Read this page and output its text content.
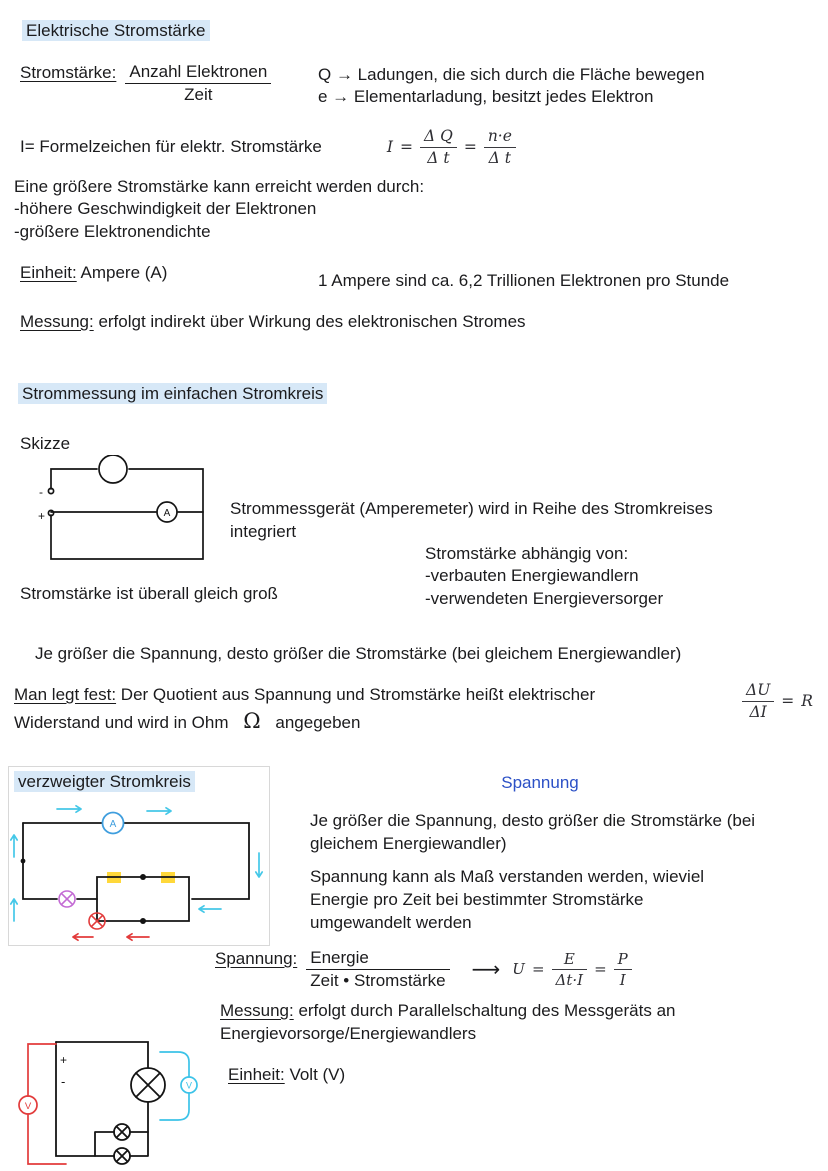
Elektrische Stromstärke
Stromstärke: $\frac{\text{Anzahl Elektronen}}{\text{Zeit}}$	Q → Ladungen, die sich durch die Fläche bewegen
e → Elementarladung, besitzt jedes Elektron
I= Formelzeichen für elektr. Stromstärke	$I = \frac{\text{Δ Q}}{\text{Δ t}} = \frac{n\cdot e}{\text{Δ t}}$
Eine größere Stromstärke kann erreicht werden durch:
-höhere Geschwindigkeit der Elektronen
-größere Elektronendichte
Einheit: Ampere (A)	1 Ampere sind ca. 6,2 Trillionen Elektronen pro Stunde
Messung: erfolgt indirekt über Wirkung des elektronischen Stromes
Strommessung im einfachen Stromkreis
Skizze
A
-
+	Strommessgerät (Amperemeter) wird in Reihe des Stromkreises integriert
Stromstärke abhängig von:
-verbauten Energiewandlern
-verwendeten Energieversorger
Stromstärke ist überall gleich groß
Je größer die Spannung, desto größer die Stromstärke (bei gleichem Energiewandler)
Man legt fest: Der Quotient aus Spannung und Stromstärke heißt elektrischer Widerstand und wird in Ohm Ω angegeben
$\frac{\Delta U}{\Delta I} = R$
verzweigter Stromkreis
A
Spannung
Je größer die Spannung, desto größer die Stromstärke (bei gleichem Energiewandler)
Spannung kann als Maß verstanden werden, wieviel Energie pro Zeit bei bestimmter Stromstärke umgewandelt werden
Spannung: $\frac{\text{Energie}}{\text{Zeit • Stromstärke}}$ ⟶ $U = \frac{E}{\Delta t\cdot I} = \frac{P}{I}$
Messung: erfolgt durch Parallelschaltung des Messgeräts an Energievorsorge/Energiewandlers
Einheit: Volt (V)
+
-
V
V
